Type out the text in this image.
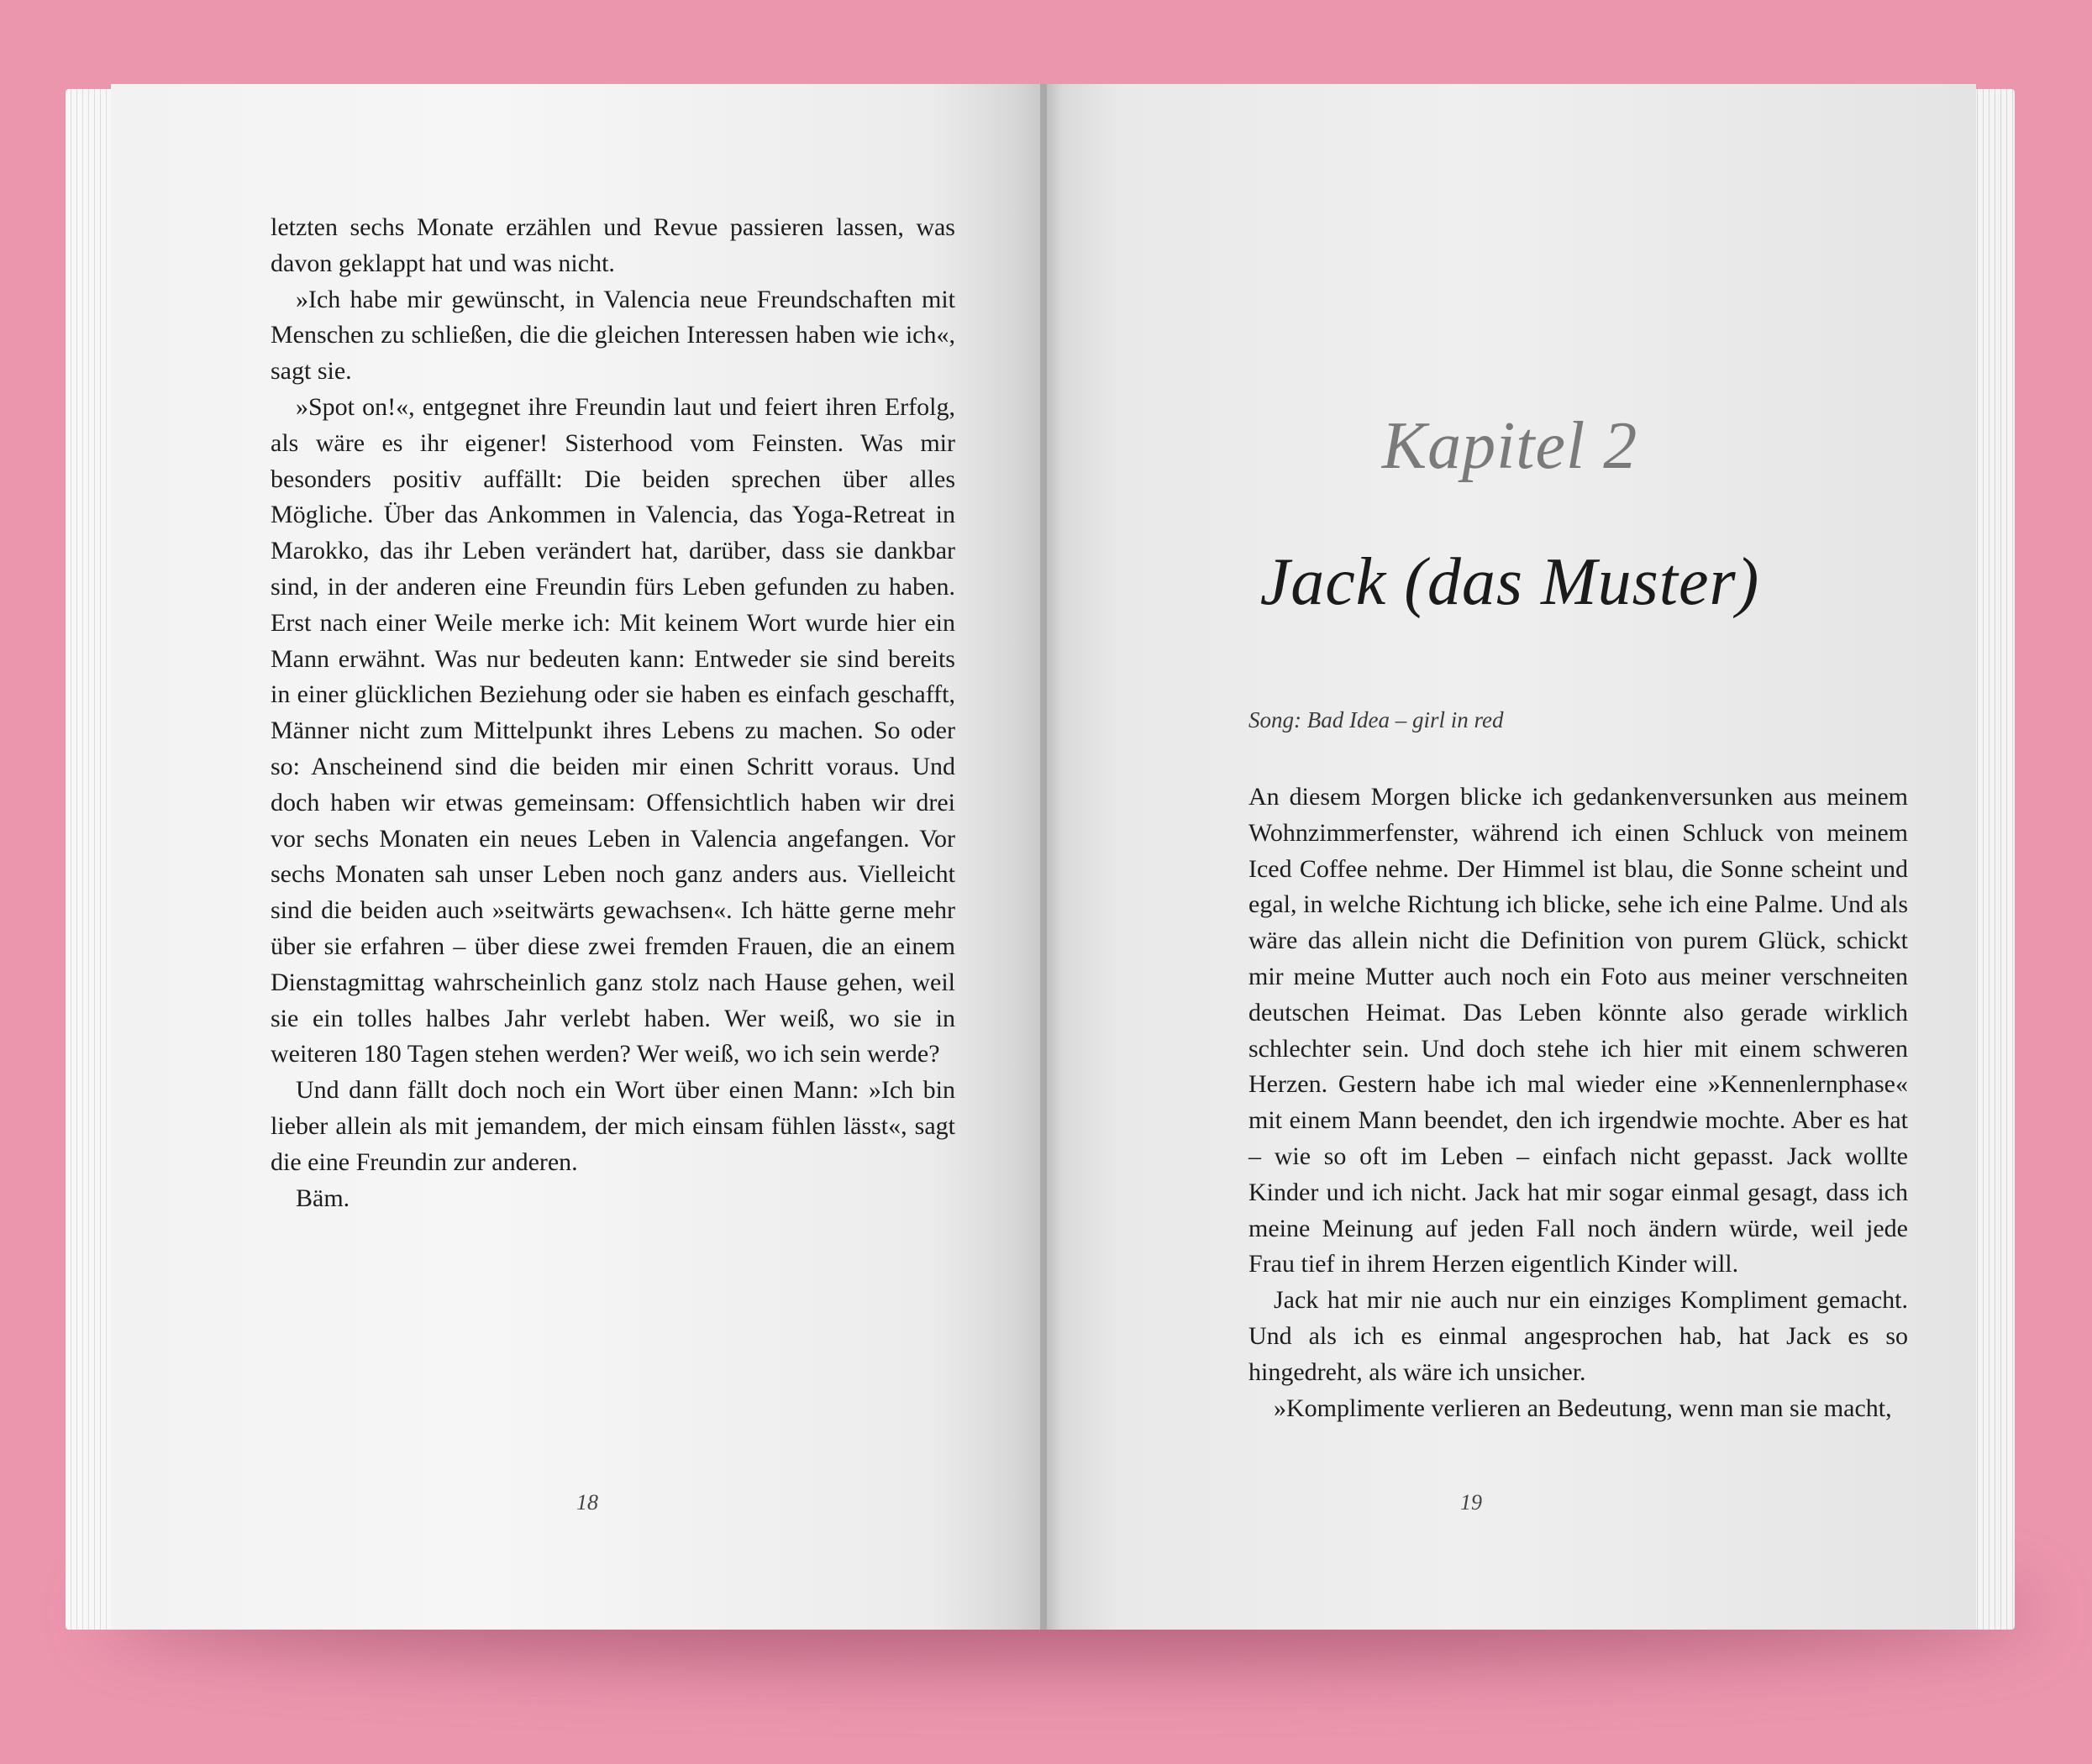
letzten sechs Monate erzählen und Revue passieren lassen, was davon geklappt hat und was nicht.

»Ich habe mir gewünscht, in Valencia neue Freundschaften mit Menschen zu schließen, die die gleichen Interessen haben wie ich«, sagt sie.

»Spot on!«, entgegnet ihre Freundin laut und feiert ihren Erfolg, als wäre es ihr eigener! Sisterhood vom Feinsten. Was mir besonders positiv auffällt: Die beiden sprechen über alles Mögliche. Über das Ankommen in Valencia, das Yoga-Retreat in Marokko, das ihr Leben verändert hat, darüber, dass sie dankbar sind, in der anderen eine Freundin fürs Leben gefunden zu haben. Erst nach einer Weile merke ich: Mit keinem Wort wurde hier ein Mann erwähnt. Was nur bedeuten kann: Entweder sie sind bereits in einer glücklichen Beziehung oder sie haben es einfach geschafft, Männer nicht zum Mittelpunkt ihres Lebens zu machen. So oder so: Anscheinend sind die beiden mir einen Schritt voraus. Und doch haben wir etwas gemeinsam: Offensichtlich haben wir drei vor sechs Monaten ein neues Leben in Valencia angefangen. Vor sechs Monaten sah unser Leben noch ganz anders aus. Vielleicht sind die beiden auch »seitwärts gewachsen«. Ich hätte gerne mehr über sie erfahren – über diese zwei fremden Frauen, die an einem Dienstagmittag wahrscheinlich ganz stolz nach Hause gehen, weil sie ein tolles halbes Jahr verlebt haben. Wer weiß, wo sie in weiteren 180 Tagen stehen werden? Wer weiß, wo ich sein werde?

Und dann fällt doch noch ein Wort über einen Mann: »Ich bin lieber allein als mit jemandem, der mich einsam fühlen lässt«, sagt die eine Freundin zur anderen.

Bäm.

18
Kapitel 2
Jack (das Muster)
Song: Bad Idea – girl in red

An diesem Morgen blicke ich gedankenversunken aus meinem Wohnzimmerfenster, während ich einen Schluck von meinem Iced Coffee nehme. Der Himmel ist blau, die Sonne scheint und egal, in welche Richtung ich blicke, sehe ich eine Palme. Und als wäre das allein nicht die Definition von purem Glück, schickt mir meine Mutter auch noch ein Foto aus meiner verschneiten deutschen Heimat. Das Leben könnte also gerade wirklich schlechter sein. Und doch stehe ich hier mit einem schweren Herzen. Gestern habe ich mal wieder eine »Kennenlernphase« mit einem Mann beendet, den ich irgendwie mochte. Aber es hat – wie so oft im Leben – einfach nicht gepasst. Jack wollte Kinder und ich nicht. Jack hat mir sogar einmal gesagt, dass ich meine Meinung auf jeden Fall noch ändern würde, weil jede Frau tief in ihrem Herzen eigentlich Kinder will.

Jack hat mir nie auch nur ein einziges Kompliment gemacht. Und als ich es einmal angesprochen hab, hat Jack es so hingedreht, als wäre ich unsicher.

»Komplimente verlieren an Bedeutung, wenn man sie macht,

19
